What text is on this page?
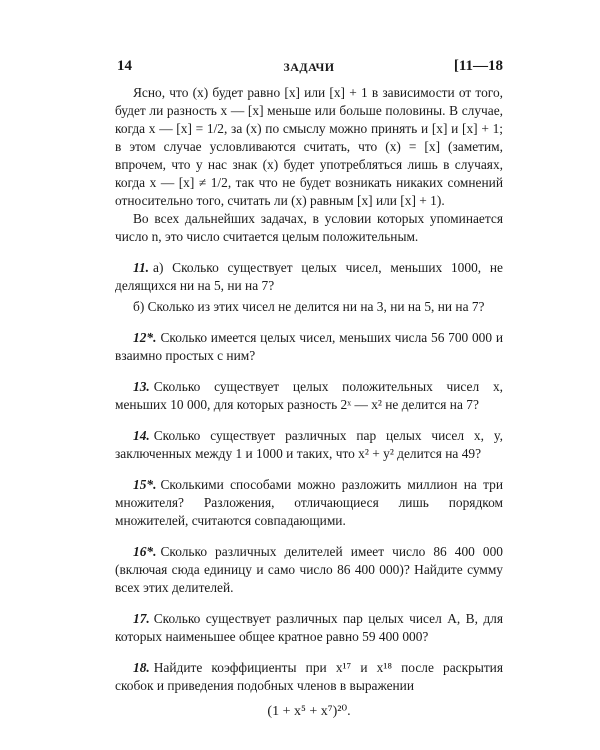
14	ЗАДАЧИ	[11—18

Ясно, что (x) будет равно [x] или [x] + 1 в зависимости от того, будет ли разность x — [x] меньше или больше половины. В случае, когда x — [x] = 1/2, за (x) по смыслу можно принять и [x] и [x] + 1; в этом случае условливаются считать, что (x) = [x] (заметим, впрочем, что у нас знак (x) будет употребляться лишь в случаях, когда x — [x] ≠ 1/2, так что не будет возникать никаких сомнений относительно того, считать ли (x) равным [x] или [x] + 1).

Во всех дальнейших задачах, в условии которых упоминается число n, это число считается целым положительным.

11. а) Сколько существует целых чисел, меньших 1000, не делящихся ни на 5, ни на 7?

б) Сколько из этих чисел не делится ни на 3, ни на 5, ни на 7?

12*. Сколько имеется целых чисел, меньших числа 56 700 000 и взаимно простых с ним?

13. Сколько существует целых положительных чисел x, меньших 10 000, для которых разность 2ˣ — x² не делится на 7?

14. Сколько существует различных пар целых чисел x, y, заключенных между 1 и 1000 и таких, что x² + y² делится на 49?

15*. Сколькими способами можно разложить миллион на три множителя? Разложения, отличающиеся лишь порядком множителей, считаются совпадающими.

16*. Сколько различных делителей имеет число 86 400 000 (включая сюда единицу и само число 86 400 000)? Найдите сумму всех этих делителей.

17. Сколько существует различных пар целых чисел A, B, для которых наименьшее общее кратное равно 59 400 000?

18. Найдите коэффициенты при x¹⁷ и x¹⁸ после раскрытия скобок и приведения подобных членов в выражении

(1 + x⁵ + x⁷)²⁰.
